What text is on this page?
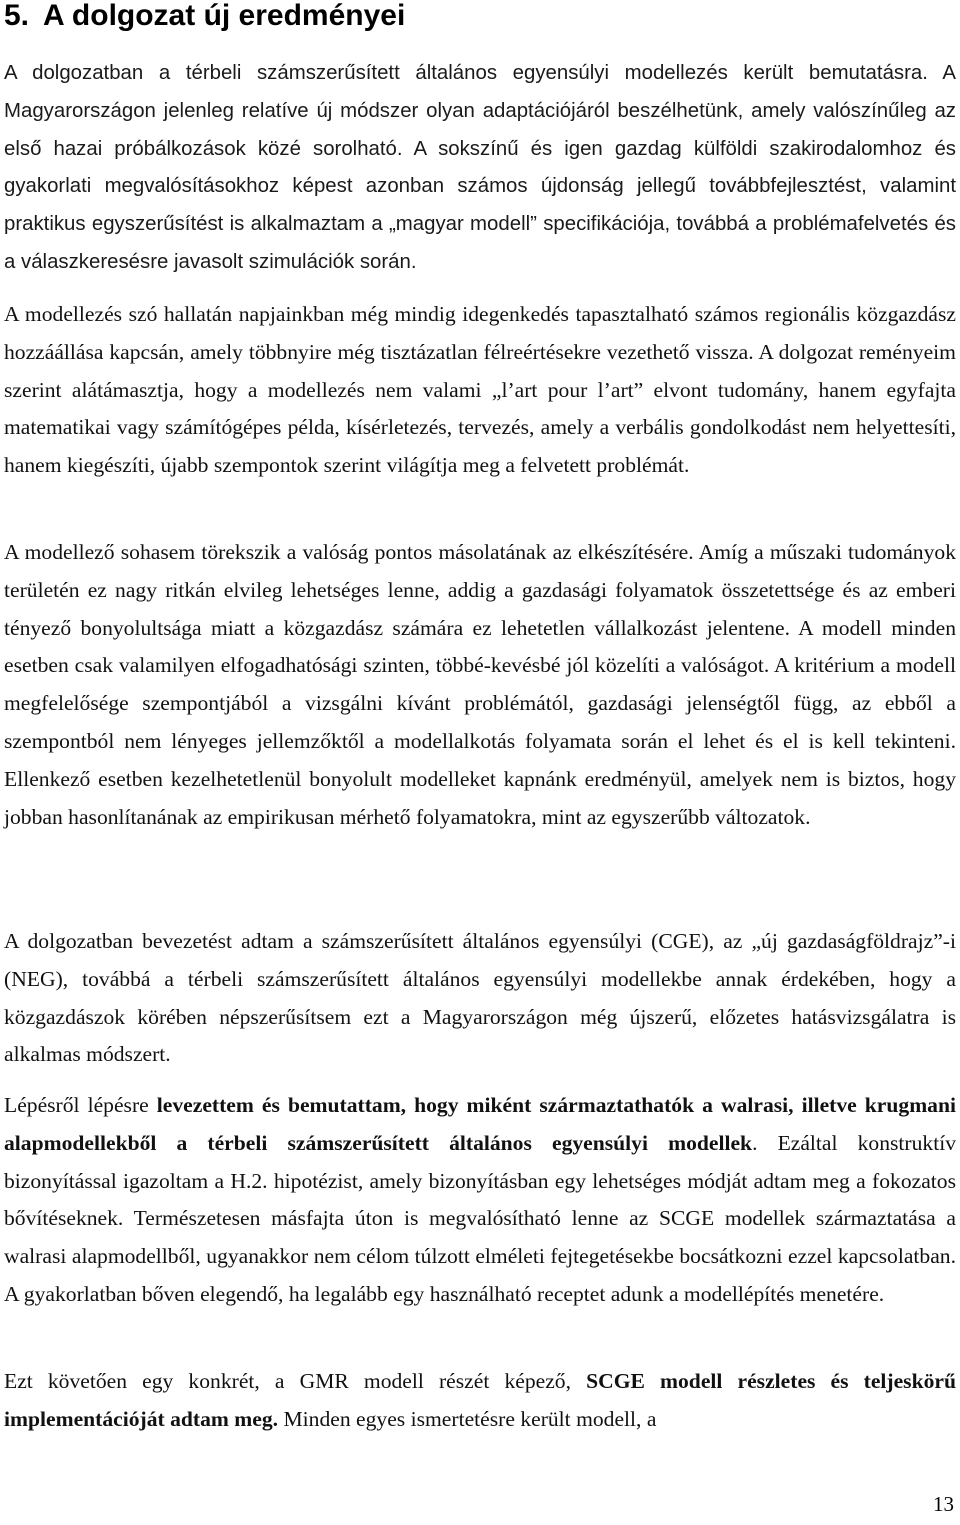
5. A dolgozat új eredményei

A dolgozatban a térbeli számszerűsített általános egyensúlyi modellezés került bemutatásra. A Magyarországon jelenleg relatíve új módszer olyan adaptációjáról beszélhetünk, amely valószínűleg az első hazai próbálkozások közé sorolható. A sokszínű és igen gazdag külföldi szakirodalomhoz és gyakorlati megvalósításokhoz képest azonban számos újdonság jellegű továbbfejlesztést, valamint praktikus egyszerűsítést is alkalmaztam a „magyar modell” specifikációja, továbbá a problémafelvetés és a válaszkeresésre javasolt szimulációk során.

A modellezés szó hallatán napjainkban még mindig idegenkedés tapasztalható számos regionális közgazdász hozzáállása kapcsán, amely többnyire még tisztázatlan félreértésekre vezethető vissza. A dolgozat reményeim szerint alátámasztja, hogy a modellezés nem valami „l’art pour l’art” elvont tudomány, hanem egyfajta matematikai vagy számítógépes példa, kísérletezés, tervezés, amely a verbális gondolkodást nem helyettesíti, hanem kiegészíti, újabb szempontok szerint világítja meg a felvetett problémát.

A modellező sohasem törekszik a valóság pontos másolatának az elkészítésére. Amíg a műszaki tudományok területén ez nagy ritkán elvileg lehetséges lenne, addig a gazdasági folyamatok összetettsége és az emberi tényező bonyolultsága miatt a közgazdász számára ez lehetetlen vállalkozást jelentene. A modell minden esetben csak valamilyen elfogadhatósági szinten, többé-kevésbé jól közelíti a valóságot. A kritérium a modell megfelelősége szempontjából a vizsgálni kívánt problémától, gazdasági jelenségtől függ, az ebből a szempontból nem lényeges jellemzőktől a modellalkotás folyamata során el lehet és el is kell tekinteni. Ellenkező esetben kezelhetetlenül bonyolult modelleket kapnánk eredményül, amelyek nem is biztos, hogy jobban hasonlítanának az empirikusan mérhető folyamatokra, mint az egyszerűbb változatok.

A dolgozatban bevezetést adtam a számszerűsített általános egyensúlyi (CGE), az „új gazdaságföldrajz”-i (NEG), továbbá a térbeli számszerűsített általános egyensúlyi modellekbe annak érdekében, hogy a közgazdászok körében népszerűsítsem ezt a Magyarországon még újszerű, előzetes hatásvizsgálatra is alkalmas módszert.

Lépésről lépésre levezettem és bemutattam, hogy miként származtathatók a walrasi, illetve krugmani alapmodellekből a térbeli számszerűsített általános egyensúlyi modellek. Ezáltal konstruktív bizonyítással igazoltam a H.2. hipotézist, amely bizonyításban egy lehetséges módját adtam meg a fokozatos bővítéseknek. Természetesen másfajta úton is megvalósítható lenne az SCGE modellek származtatása a walrasi alapmodellből, ugyanakkor nem célom túlzott elméleti fejtegetésekbe bocsátkozni ezzel kapcsolatban. A gyakorlatban bőven elegendő, ha legalább egy használható receptet adunk a modellépítés menetére.

Ezt követően egy konkrét, a GMR modell részét képező, SCGE modell részletes és teljeskörű implementációját adtam meg. Minden egyes ismertetésre került modell, a

13
